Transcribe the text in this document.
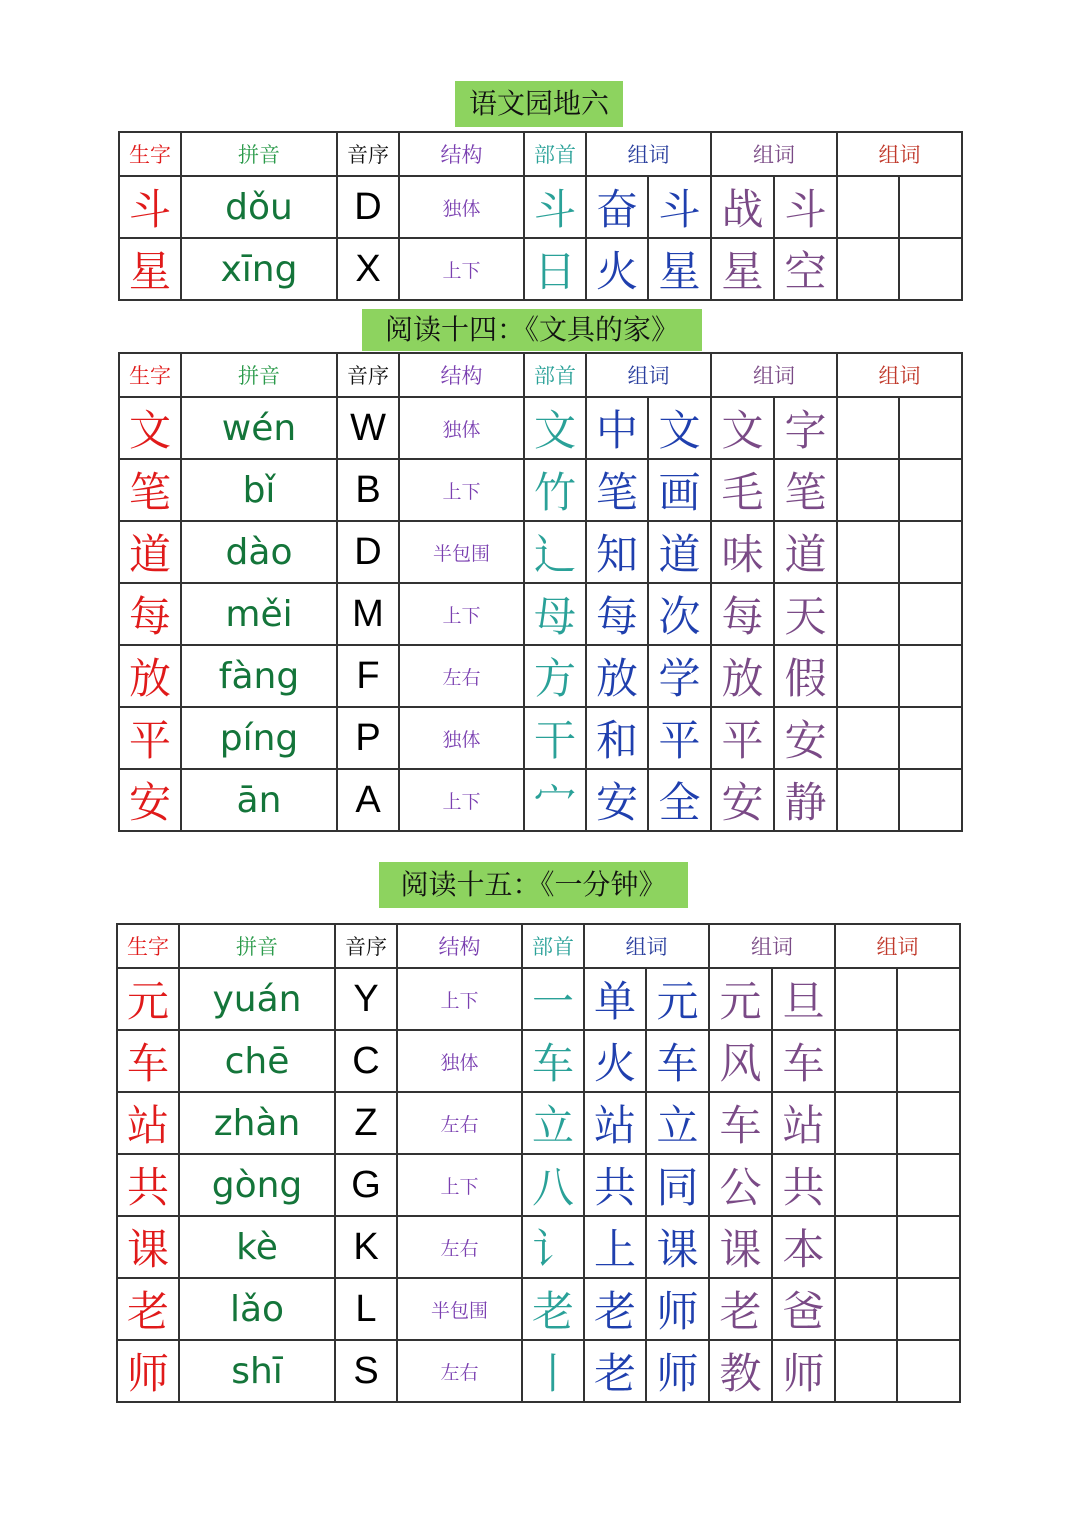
语文园地六
生字	拼音	音序	结构	部首	组词		组词		组词	
斗	dǒu	D	独体	斗	奋	斗	战	斗		
星	xīng	X	上下	日	火	星	星	空		
阅读十四：《文具的家》
生字	拼音	音序	结构	部首	组词		组词		组词	
文	wén	W	独体	文	中	文	文	字		
笔	bǐ	B	上下	竹	笔	画	毛	笔		
道	dào	D	半包围	辶	知	道	味	道		
每	měi	M	上下	母	每	次	每	天		
放	fàng	F	左右	方	放	学	放	假		
平	píng	P	独体	干	和	平	平	安		
安	ān	A	上下	宀	安	全	安	静		
阅读十五：《一分钟》
生字	拼音	音序	结构	部首	组词		组词		组词	
元	yuán	Y	上下	一	单	元	元	旦		
车	chē	C	独体	车	火	车	风	车		
站	zhàn	Z	左右	立	站	立	车	站		
共	gòng	G	上下	八	共	同	公	共		
课	kè	K	左右	讠	上	课	课	本		
老	lǎo	L	半包围	老	老	师	老	爸		
师	shī	S	左右	丨	老	师	教	师		
